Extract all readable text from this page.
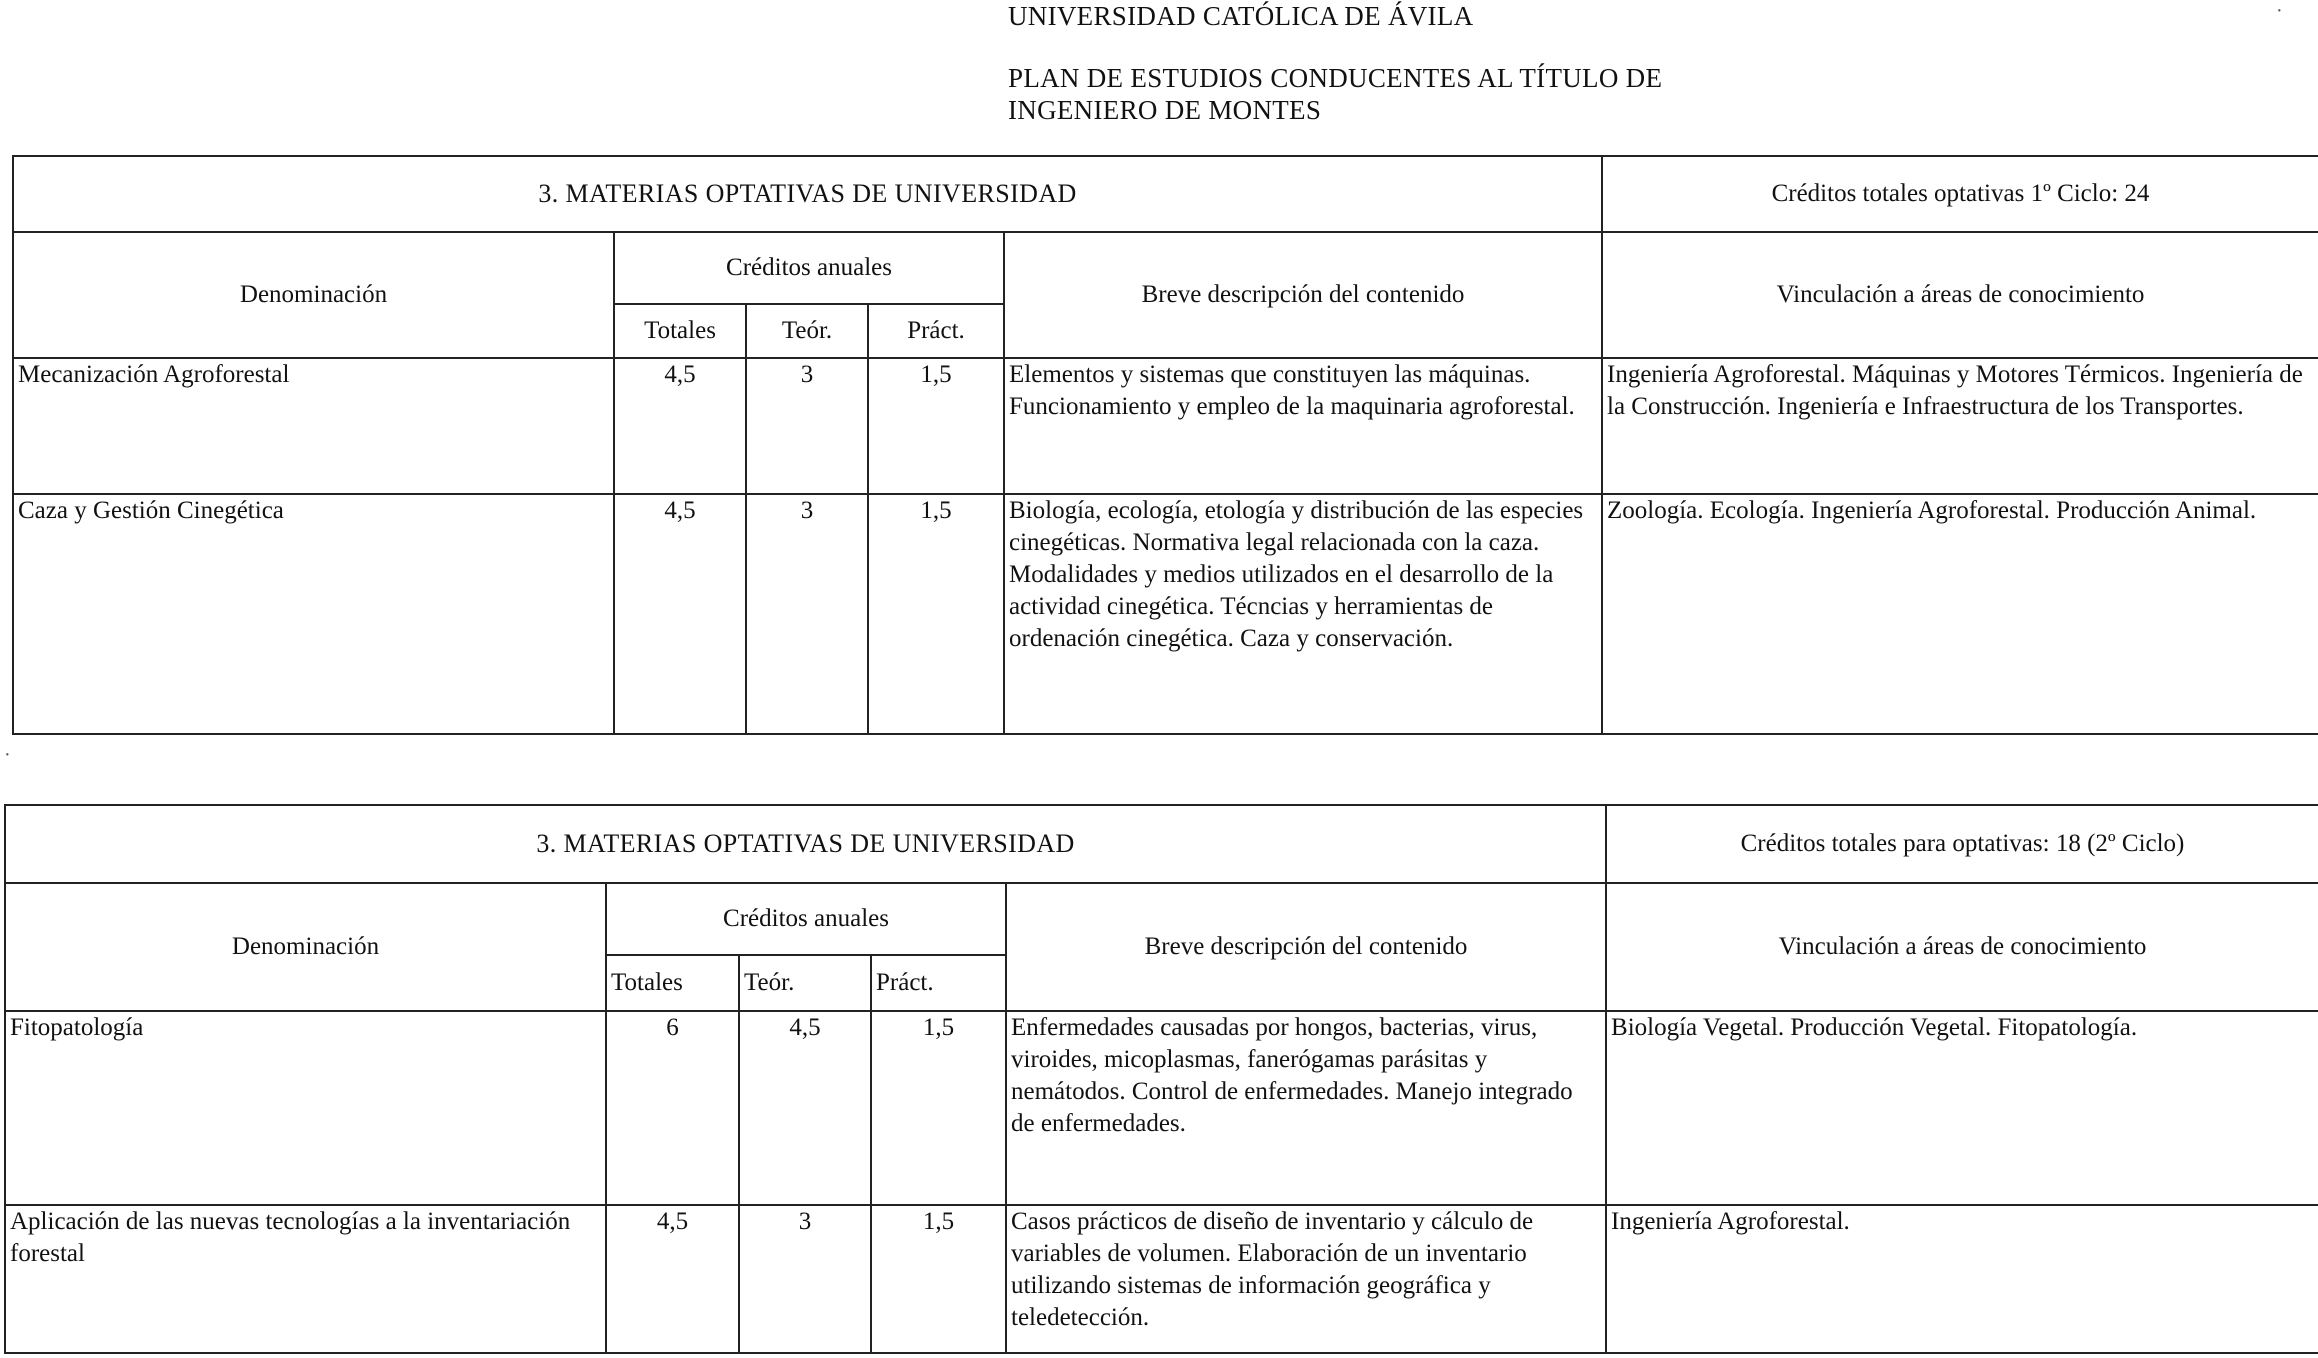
UNIVERSIDAD CATÓLICA DE ÁVILA
PLAN DE ESTUDIOS CONDUCENTES AL TÍTULO DE
INGENIERO DE MONTES
3. MATERIAS OPTATIVAS DE UNIVERSIDAD					Créditos totales optativas 1º Ciclo: 24
Denominación	Créditos anuales			Breve descripción del contenido	Vinculación a áreas de conocimiento
	Totales	Teór.	Práct.		
Mecanización Agroforestal	4,5	3	1,5	Elementos y sistemas que constituyen las máquinas. Funcionamiento y empleo de la maquinaria agroforestal.	Ingeniería Agroforestal. Máquinas y Motores Térmicos. Ingeniería de la Construcción. Ingeniería e Infraestructura de los Transportes.
Caza y Gestión Cinegética	4,5	3	1,5	Biología, ecología, etología y distribución de las especies cinegéticas. Normativa legal relacionada con la caza. Modalidades y medios utilizados en el desarrollo de la actividad cinegética. Técncias y herramientas de ordenación cinegética. Caza y conservación.	Zoología. Ecología. Ingeniería Agroforestal. Producción Animal.
·
·
3. MATERIAS OPTATIVAS DE UNIVERSIDAD					Créditos totales para optativas: 18 (2º Ciclo)
Denominación	Créditos anuales			Breve descripción del contenido	Vinculación a áreas de conocimiento
	Totales	Teór.	Práct.		
Fitopatología	6	4,5	1,5	Enfermedades causadas por hongos, bacterias, virus, viroides, micoplasmas, fanerógamas parásitas y nemátodos. Control de enfermedades. Manejo integrado de enfermedades.	Biología Vegetal. Producción Vegetal. Fitopatología.
Aplicación de las nuevas tecnologías a la inventariación forestal	4,5	3	1,5	Casos prácticos de diseño de inventario y cálculo de variables de volumen. Elaboración de un inventario utilizando sistemas de información geográfica y teledetección.	Ingeniería Agroforestal.
